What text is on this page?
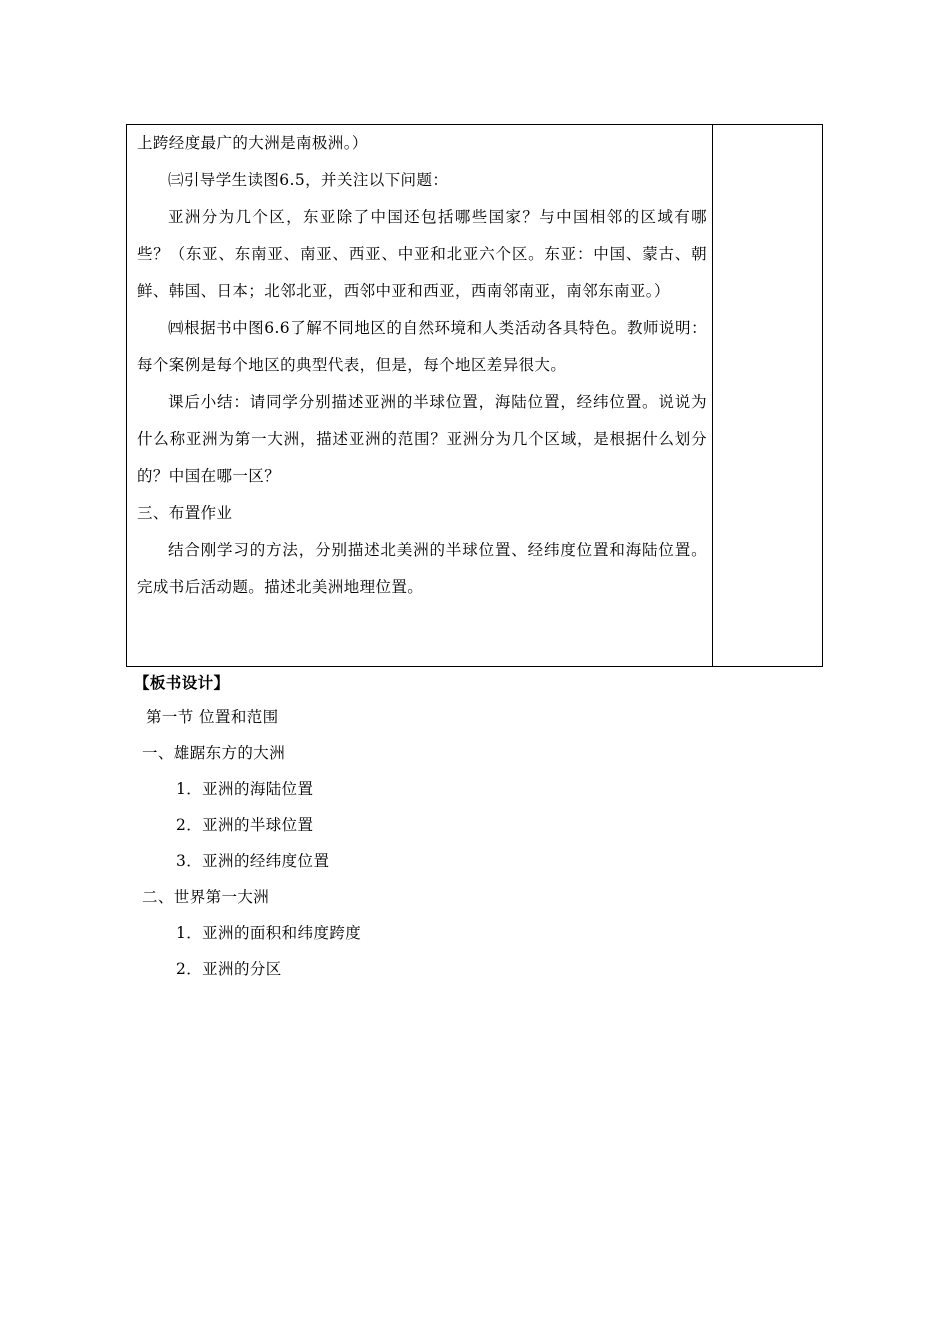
上跨经度最广的大洲是南极洲。）

㈢引导学生读图6.5，并关注以下问题：

亚洲分为几个区，东亚除了中国还包括哪些国家？与中国相邻的区域有哪些？（东亚、东南亚、南亚、西亚、中亚和北亚六个区。东亚：中国、蒙古、朝鲜、韩国、日本；北邻北亚，西邻中亚和西亚，西南邻南亚，南邻东南亚。）

㈣根据书中图6.6了解不同地区的自然环境和人类活动各具特色。教师说明：每个案例是每个地区的典型代表，但是，每个地区差异很大。

课后小结：请同学分别描述亚洲的半球位置，海陆位置，经纬位置。说说为什么称亚洲为第一大洲，描述亚洲的范围？亚洲分为几个区域，是根据什么划分的？中国在哪一区？

三、布置作业

结合刚学习的方法，分别描述北美洲的半球位置、经纬度位置和海陆位置。完成书后活动题。描述北美洲地理位置。

【板书设计】

第一节 位置和范围

一、雄踞东方的大洲

1．亚洲的海陆位置

2．亚洲的半球位置

3．亚洲的经纬度位置

二、世界第一大洲

1．亚洲的面积和纬度跨度

2．亚洲的分区
